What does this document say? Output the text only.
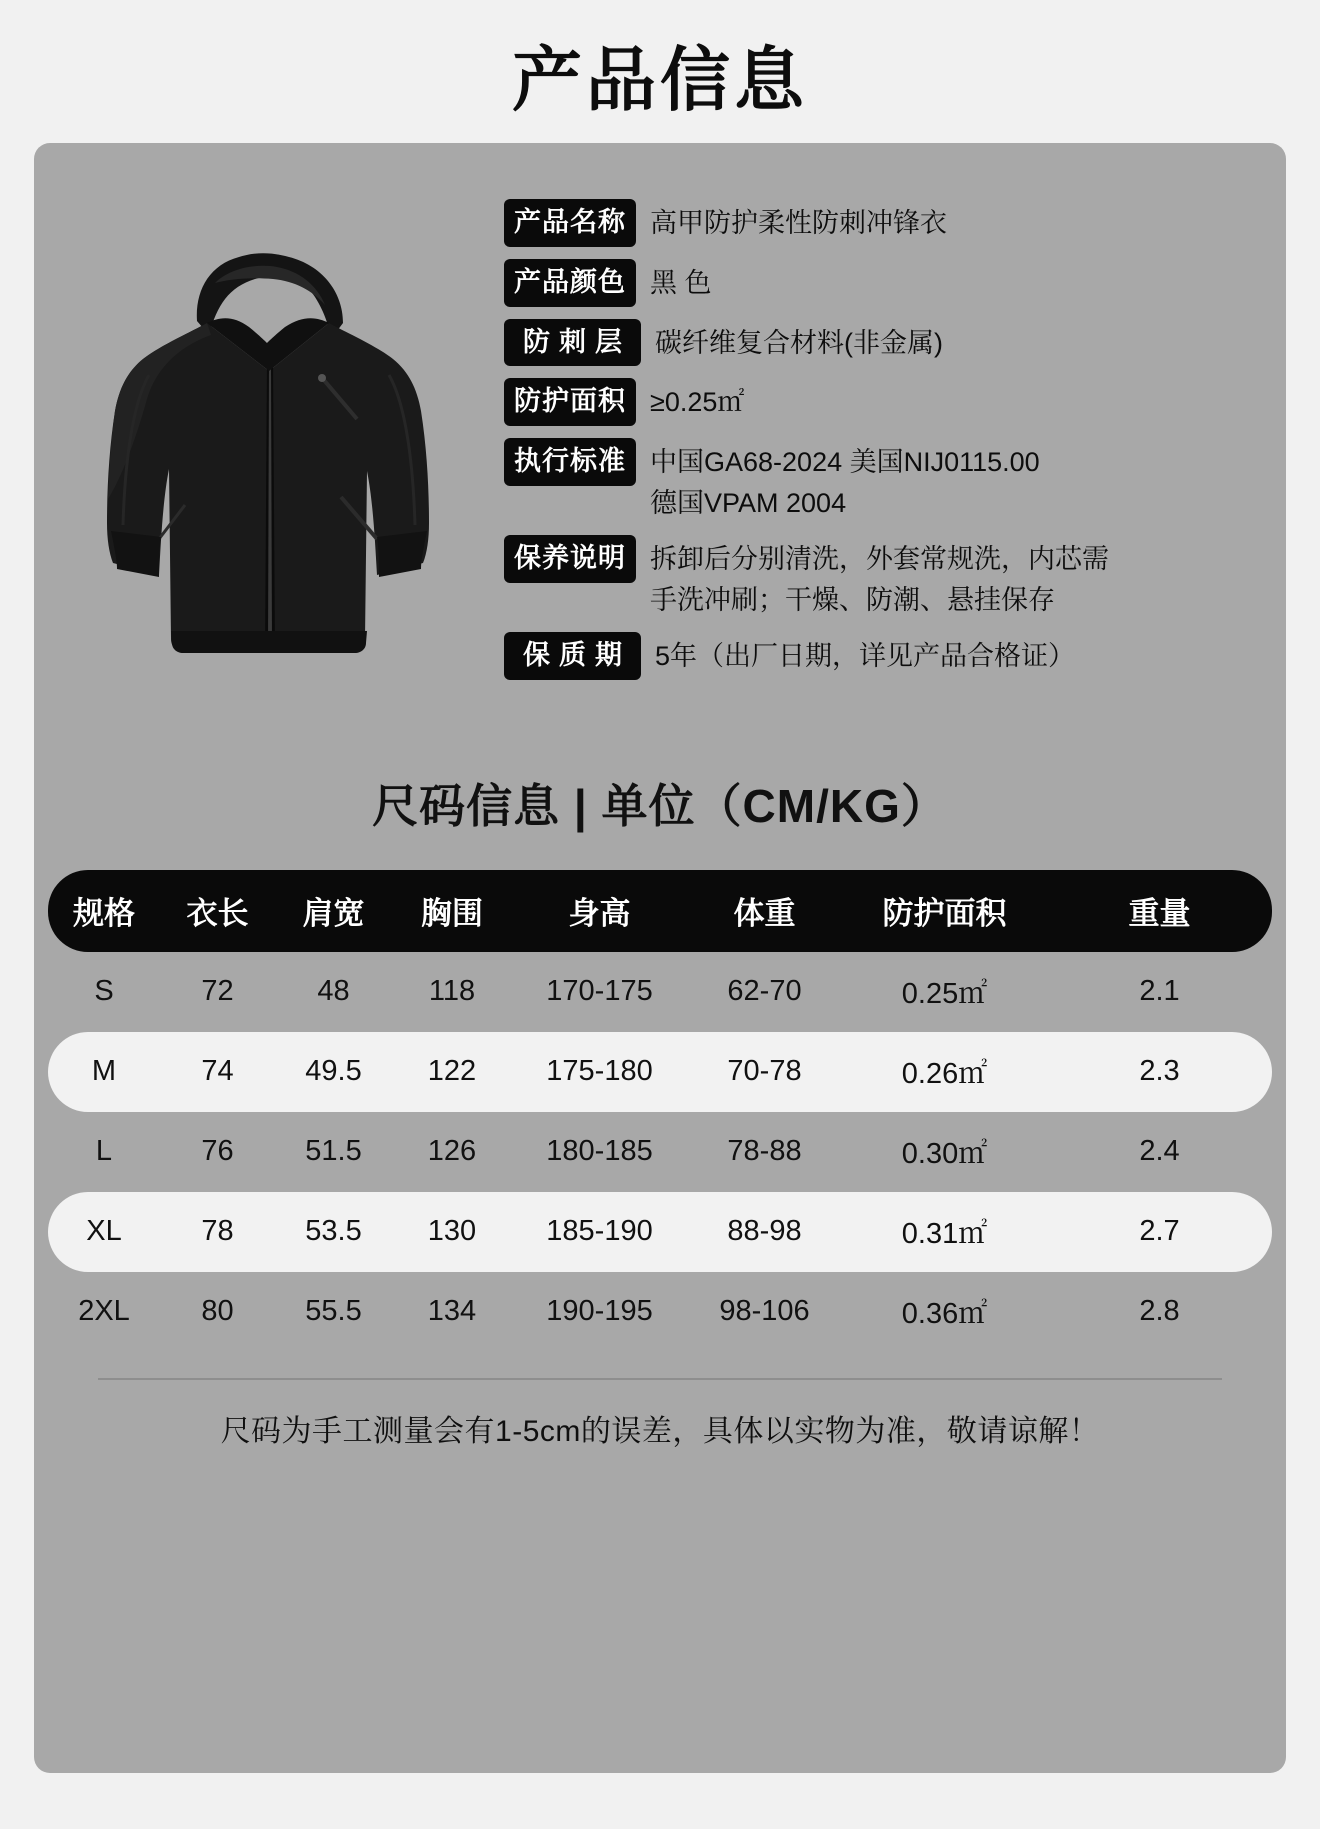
产品信息
产品名称 高甲防护柔性防刺冲锋衣
产品颜色 黑 色
防刺层 碳纤维复合材料(非金属)
防护面积 ≥0.25㎡
执行标准 中国GA68-2024 美国NIJ0115.00
德国VPAM 2004
保养说明 拆卸后分别清洗，外套常规洗，内芯需
手洗冲刷；干燥、防潮、悬挂保存
保质期 5年（出厂日期，详见产品合格证）
尺码信息 | 单位（CM/KG）
规格	衣长	肩宽	胸围	身高	体重	防护面积	重量
S	72	48	118	170-175	62-70	0.25㎡	2.1
M	74	49.5	122	175-180	70-78	0.26㎡	2.3
L	76	51.5	126	180-185	78-88	0.30㎡	2.4
XL	78	53.5	130	185-190	88-98	0.31㎡	2.7
2XL	80	55.5	134	190-195	98-106	0.36㎡	2.8
尺码为手工测量会有1-5cm的误差，具体以实物为准，敬请谅解！
